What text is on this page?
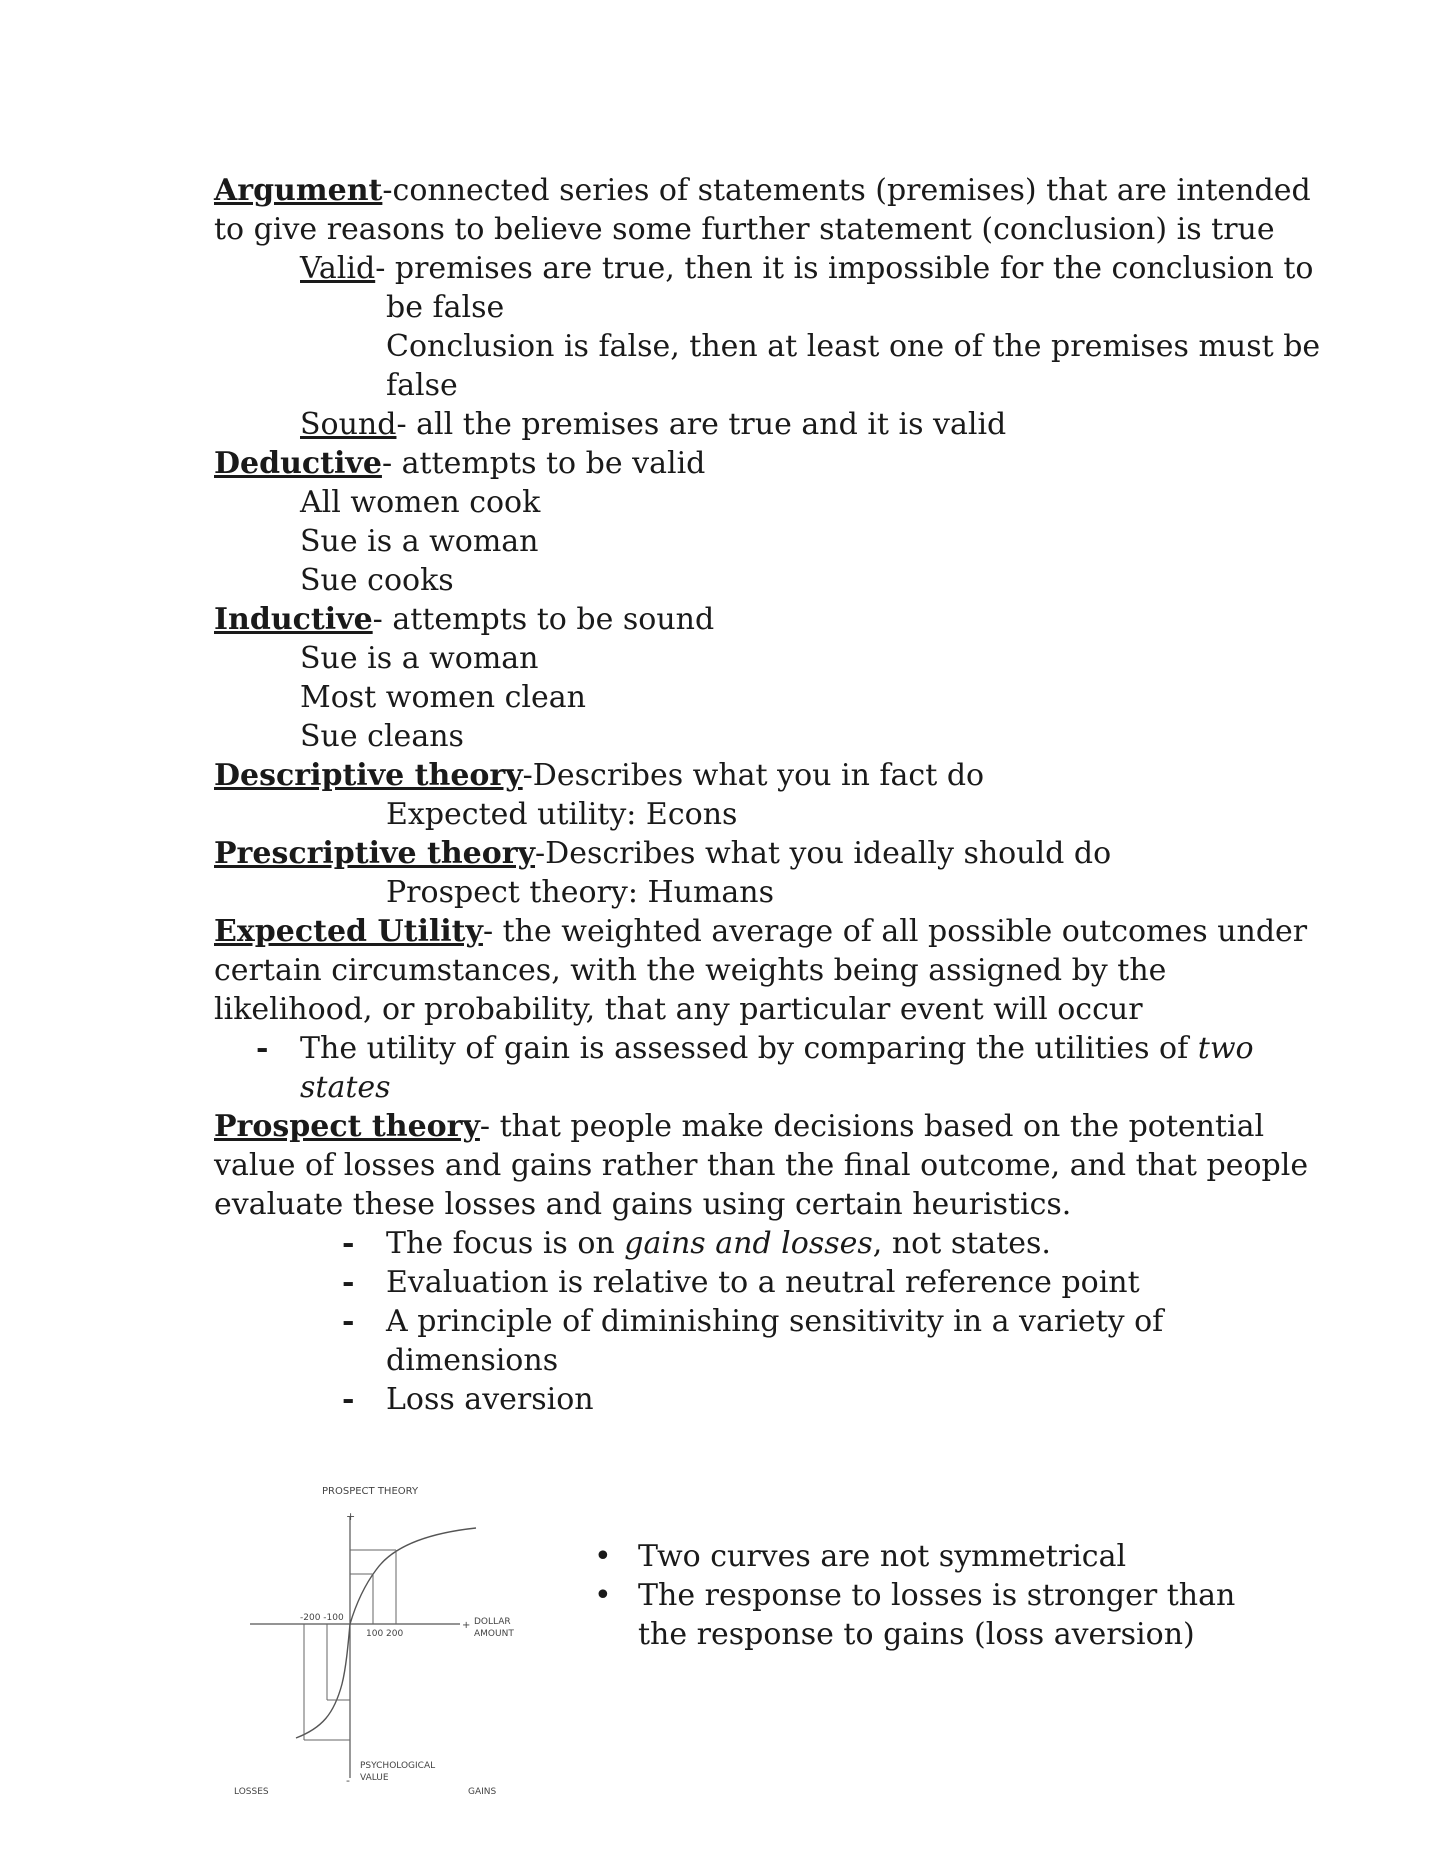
Argument-connected series of statements (premises) that are intended
to give reasons to believe some further statement (conclusion) is true
Valid- premises are true, then it is impossible for the conclusion to
be false
Conclusion is false, then at least one of the premises must be
false
Sound- all the premises are true and it is valid
Deductive- attempts to be valid
All women cook
Sue is a woman
Sue cooks
Inductive- attempts to be sound
Sue is a woman
Most women clean
Sue cleans
Descriptive theory-Describes what you in fact do
Expected utility: Econs
Prescriptive theory-Describes what you ideally should do
Prospect theory: Humans
Expected Utility- the weighted average of all possible outcomes under
certain circumstances, with the weights being assigned by the
likelihood, or probability, that any particular event will occur
- The utility of gain is assessed by comparing the utilities of two
states
Prospect theory- that people make decisions based on the potential
value of losses and gains rather than the final outcome, and that people
evaluate these losses and gains using certain heuristics.
- The focus is on gains and losses, not states.
- Evaluation is relative to a neutral reference point
- A principle of diminishing sensitivity in a variety of
dimensions
- Loss aversion
PROSPECT THEORY
+
-
-200 -100
100 200
+ DOLLAR
AMOUNT
PSYCHOLOGICAL
VALUE
LOSSES	GAINS
• Two curves are not symmetrical
• The response to losses is stronger than
the response to gains (loss aversion)
